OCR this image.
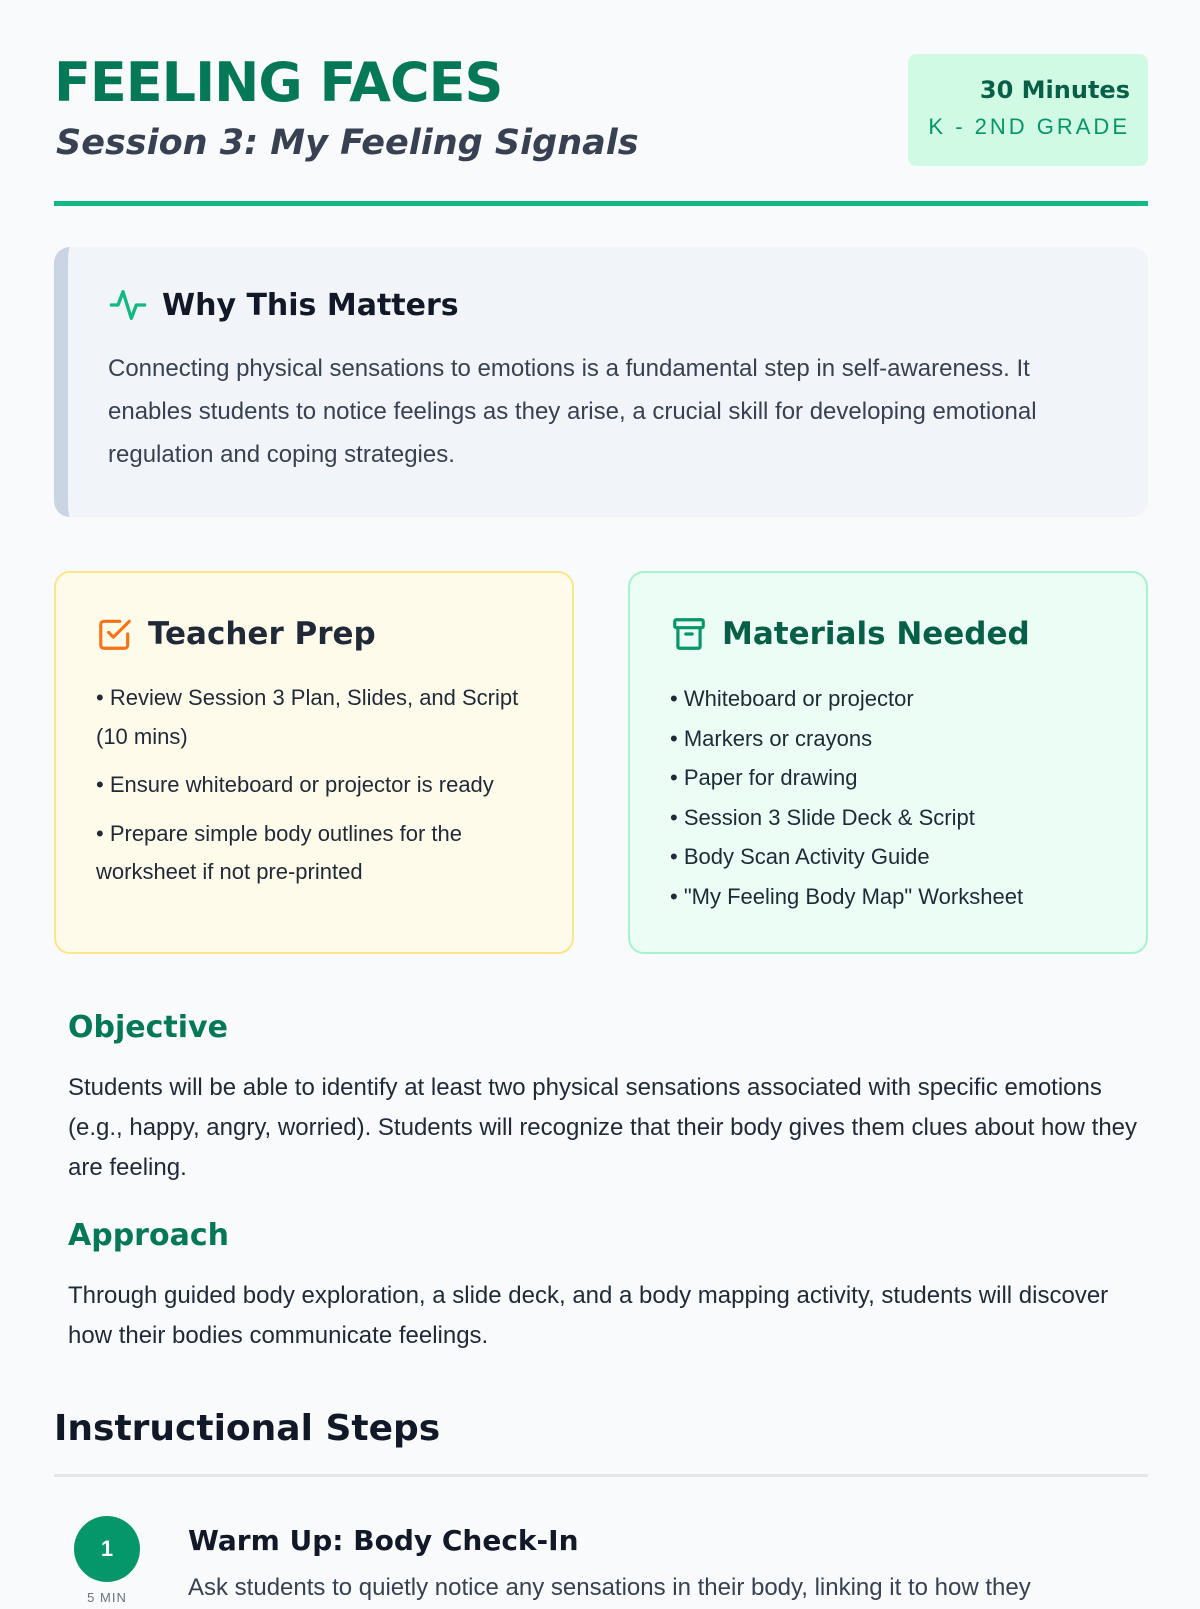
FEELING FACES
Session 3: My Feeling Signals
30 Minutes
K - 2ND GRADE
Why This Matters

Connecting physical sensations to emotions is a fundamental step in self-awareness. It enables students to notice feelings as they arise, a crucial skill for developing emotional regulation and coping strategies.

Teacher Prep
• Review Session 3 Plan, Slides, and Script (10 mins)
• Ensure whiteboard or projector is ready
• Prepare simple body outlines for the worksheet if not pre-printed
Materials Needed
• Whiteboard or projector
• Markers or crayons
• Paper for drawing
• Session 3 Slide Deck & Script
• Body Scan Activity Guide
• "My Feeling Body Map" Worksheet
Objective

Students will be able to identify at least two physical sensations associated with specific emotions (e.g., happy, angry, worried). Students will recognize that their body gives them clues about how they are feeling.

Approach

Through guided body exploration, a slide deck, and a body mapping activity, students will discover how their bodies communicate feelings.

Instructional Steps
1
5 MIN
Warm Up: Body Check-In

Ask students to quietly notice any sensations in their body, linking it to how they
